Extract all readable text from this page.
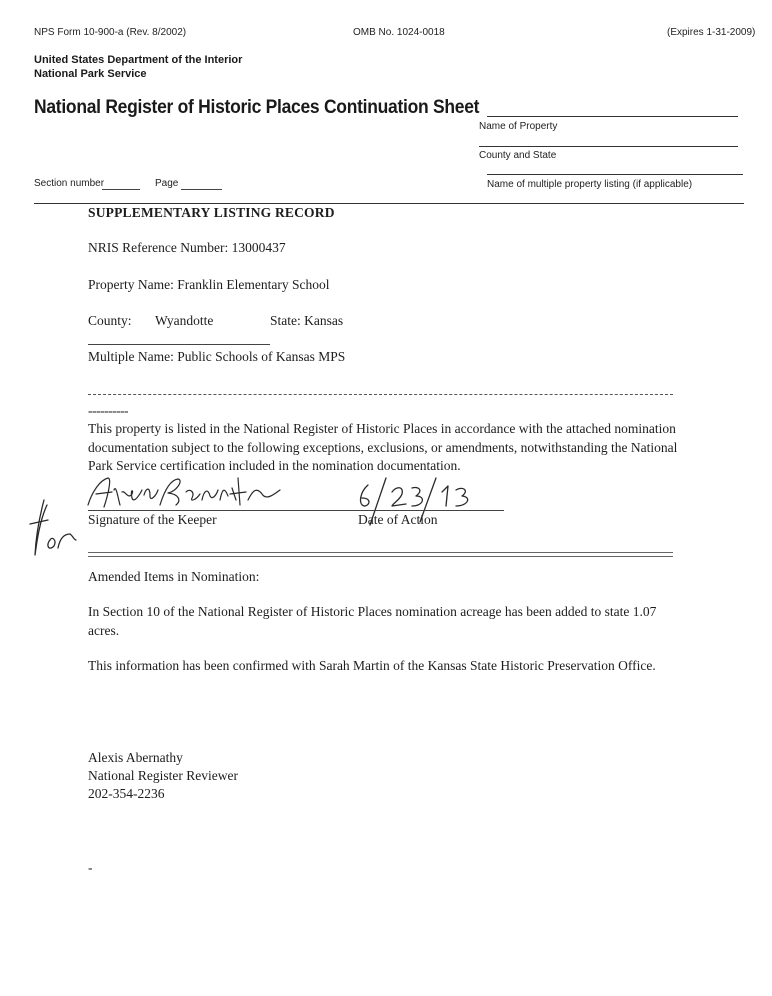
NPS Form 10-900-a (Rev. 8/2002)	OMB No. 1024-0018	(Expires 1-31-2009)
United States Department of the Interior
National Park Service
National Register of Historic Places Continuation Sheet
Name of Property
County and State
Name of multiple property listing (if applicable)
Section number	Page
SUPPLEMENTARY LISTING RECORD
NRIS Reference Number: 13000437
Property Name: Franklin Elementary School
County: Wyandotte	State: Kansas
Multiple Name: Public Schools of Kansas MPS
----------
This property is listed in the National Register of Historic Places in accordance with the attached nomination documentation subject to the following exceptions, exclusions, or amendments, notwithstanding the National Park Service certification included in the nomination documentation.
Signature of the Keeper	Date of Action
Amended Items in Nomination:
In Section 10 of the National Register of Historic Places nomination acreage has been added to state 1.07 acres.
This information has been confirmed with Sarah Martin of the Kansas State Historic Preservation Office.
Alexis Abernathy
National Register Reviewer
202-354-2236
-
